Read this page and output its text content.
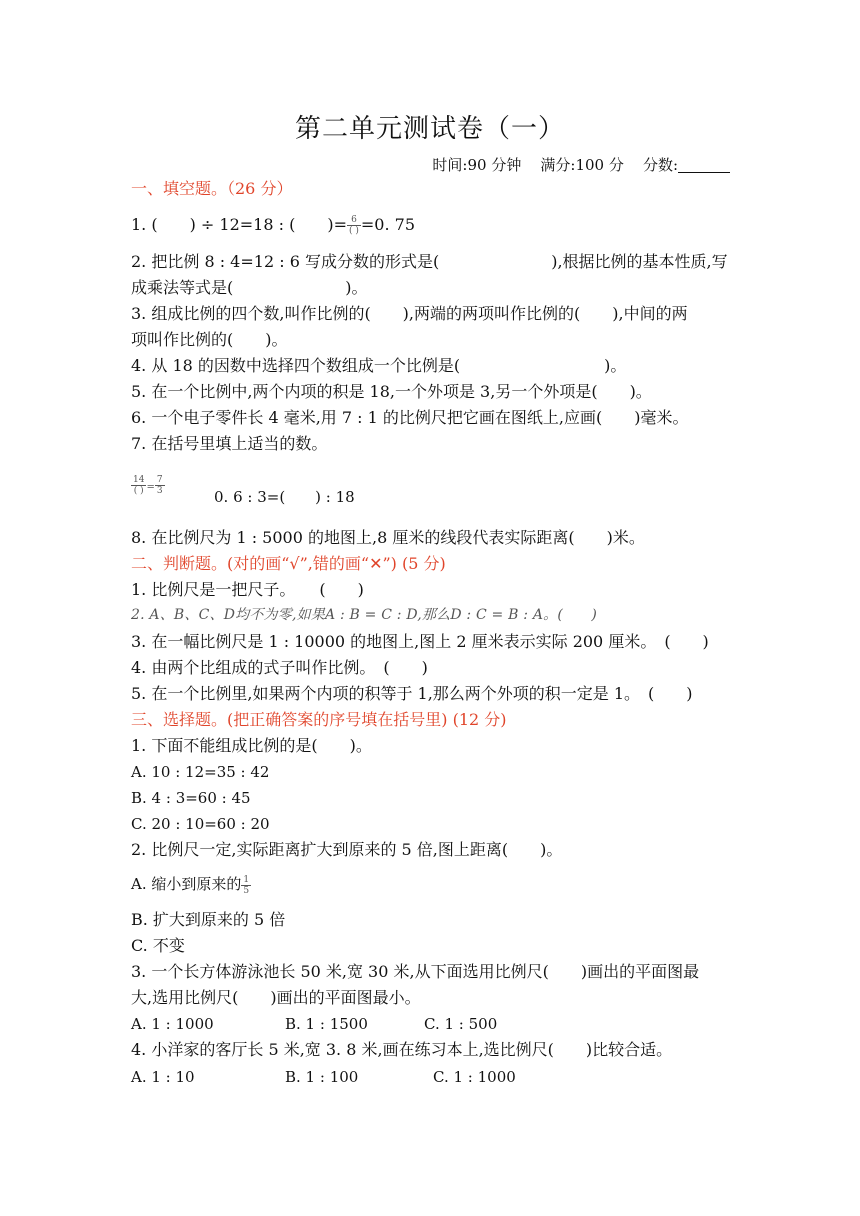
第二单元测试卷（一）
时间:90 分钟 满分:100 分 分数:
一、填空题。（26 分）
1. (　　) ÷ 12=18 : (　　)= $\frac{6}{( )} =0$. 75
2. 把比例 8 : 4=12 : 6 写成分数的形式是(　　　　　　　),根据比例的基本性质,写
成乘法等式是(　　　　　　　)。
3. 组成比例的四个数,叫作比例的(　　),两端的两项叫作比例的(　　),中间的两
项叫作比例的(　　)。
4. 从 18 的因数中选择四个数组成一个比例是(　　　　　　　　　)。
5. 在一个比例中,两个内项的积是 18,一个外项是 3,另一个外项是(　　)。
6. 一个电子零件长 4 毫米,用 7 : 1 的比例尺把它画在图纸上,应画(　　)毫米。
7. 在括号里填上适当的数。
$\frac{14}{( )} = \frac{7}{3}$
0. 6 : 3=(　　) : 18
8. 在比例尺为 1 : 5000 的地图上,8 厘米的线段代表实际距离(　　)米。
二、判断题。(对的画“√”,错的画“✕”) (5 分)
1. 比例尺是一把尺子。　　(　　)
2. A、B、C、D均不为零,如果A : B = C : D,那么D : C = B : A。(　　)
3. 在一幅比例尺是 1 : 10000 的地图上,图上 2 厘米表示实际 200 厘米。　(　　)
4. 由两个比组成的式子叫作比例。　(　　)
5. 在一个比例里,如果两个内项的积等于 1,那么两个外项的积一定是 1。　(　　)
三、选择题。(把正确答案的序号填在括号里) (12 分)
1. 下面不能组成比例的是(　　)。
A. 10 : 12=35 : 42
B. 4 : 3=60 : 45
C. 20 : 10=60 : 20
2. 比例尺一定,实际距离扩大到原来的 5 倍,图上距离(　　)。
A. 缩小到原来的 $\frac{1}{5}$
B. 扩大到原来的 5 倍
C. 不变
3. 一个长方体游泳池长 50 米,宽 30 米,从下面选用比例尺(　　)画出的平面图最
大,选用比例尺(　　)画出的平面图最小。
A. 1 : 1000	B. 1 : 1500	C. 1 : 500
4. 小洋家的客厅长 5 米,宽 3. 8 米,画在练习本上,选比例尺(　　)比较合适。
A. 1 : 10	B. 1 : 100	C. 1 : 1000
